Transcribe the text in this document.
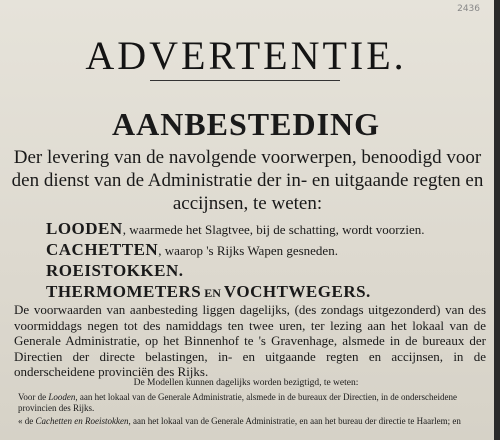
2436
ADVERTENTIE.
AANBESTEDING
Der levering van de navolgende voorwerpen, benoodigd voor den dienst van de Administratie der in- en uitgaande regten en accijnsen, te weten:
LOODEN, waarmede het Slagtvee, bij de schatting, wordt voorzien.
CACHETTEN, waarop 's Rijks Wapen gesneden.
ROEISTOKKEN.
THERMOMETERS EN VOCHTWEGERS.
De voorwaarden van aanbesteding liggen dagelijks, (des zondags uitgezonderd) van des voormiddags negen tot des namiddags ten twee uren, ter lezing aan het lokaal van de Generale Administratie, op het Binnenhof te 's Gravenhage, alsmede in de bureaux der Directien der directe belastingen, in- en uitgaande regten en accijnsen, in de onderscheidene provinciën des Rijks.
De Modellen kunnen dagelijks worden bezigtigd, te weten:
Voor de Looden, aan het lokaal van de Generale Administratie, alsmede in de bureaux der Directien, in de onderscheidene provincien des Rijks.
« de Cachetten en Roeistokken, aan het lokaal van de Generale Administratie, en aan het bureau der directie te Haarlem; en
